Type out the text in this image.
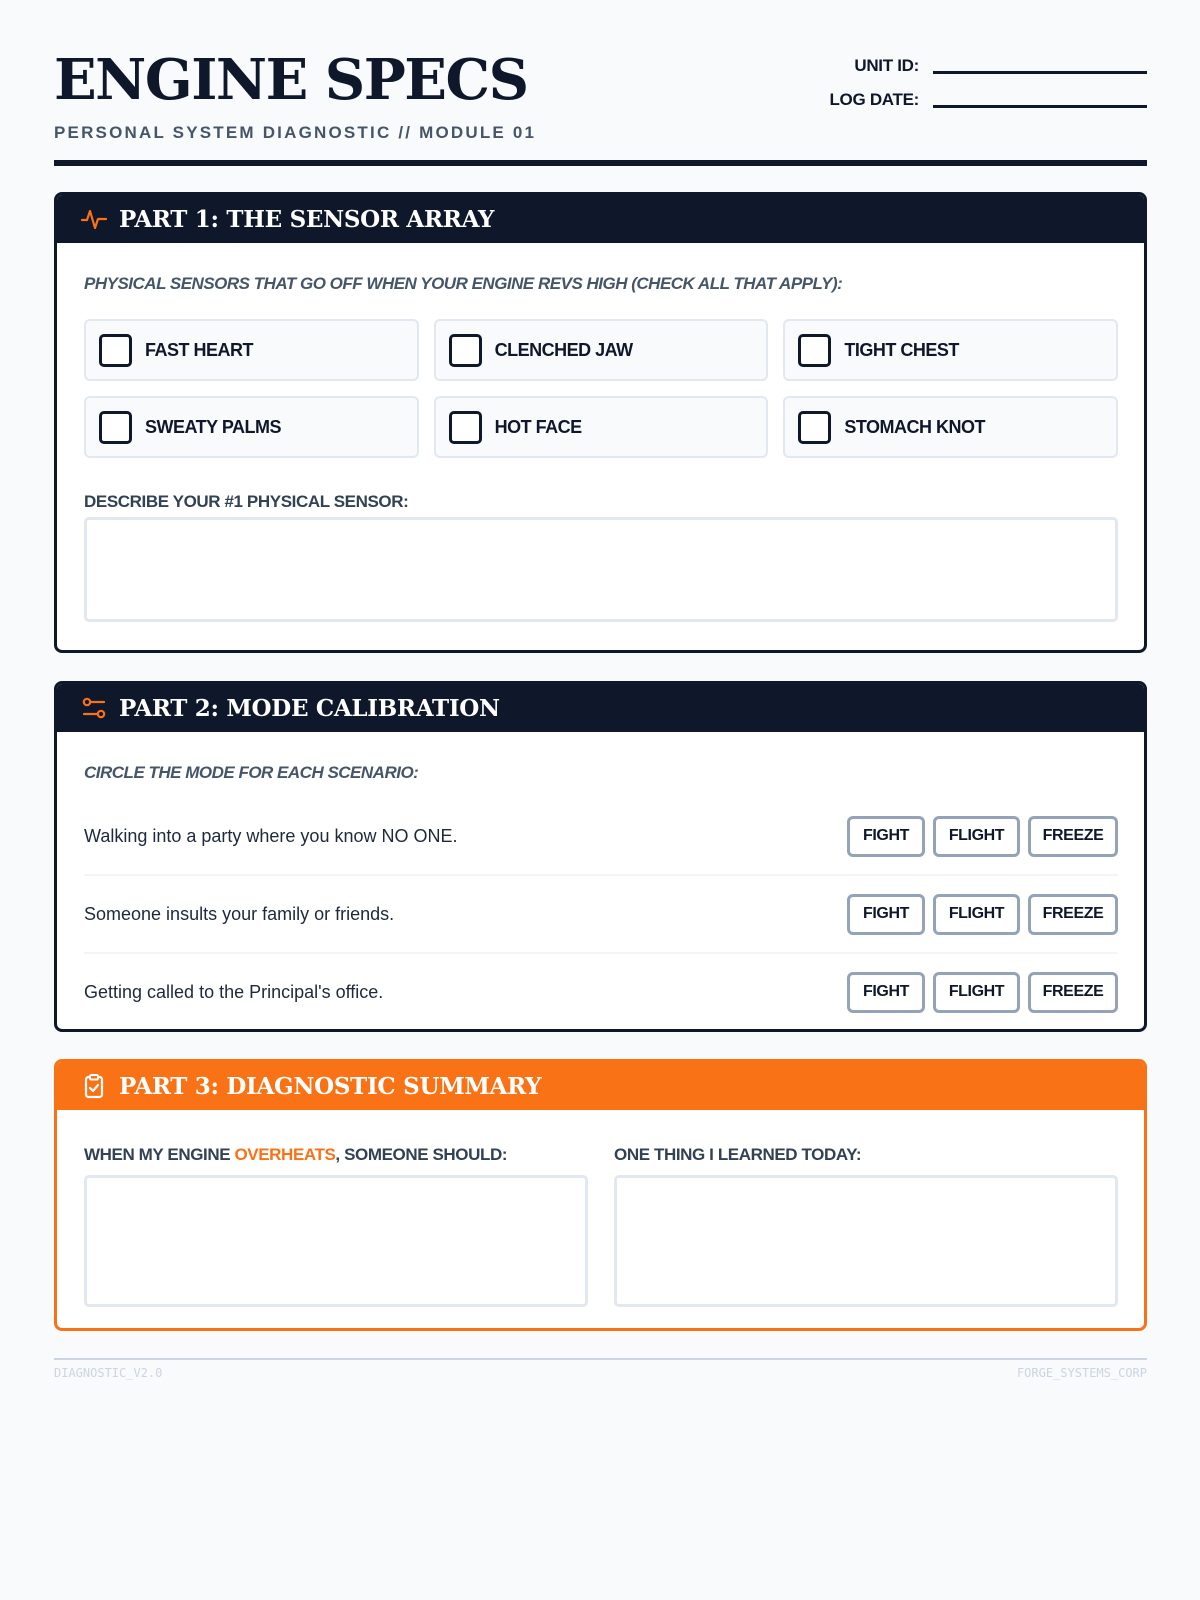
ENGINE SPECS
PERSONAL SYSTEM DIAGNOSTIC // MODULE 01
UNIT ID:
LOG DATE:
PART 1: THE SENSOR ARRAY
PHYSICAL SENSORS THAT GO OFF WHEN YOUR ENGINE REVS HIGH (CHECK ALL THAT APPLY):
FAST HEART	CLENCHED JAW	TIGHT CHEST
SWEATY PALMS	HOT FACE	STOMACH KNOT
DESCRIBE YOUR #1 PHYSICAL SENSOR:
PART 2: MODE CALIBRATION
CIRCLE THE MODE FOR EACH SCENARIO:
Walking into a party where you know NO ONE.	FIGHT	FLIGHT	FREEZE
Someone insults your family or friends.	FIGHT	FLIGHT	FREEZE
Getting called to the Principal's office.	FIGHT	FLIGHT	FREEZE
PART 3: DIAGNOSTIC SUMMARY
WHEN MY ENGINE OVERHEATS, SOMEONE SHOULD:	ONE THING I LEARNED TODAY:
DIAGNOSTIC_V2.0	FORGE_SYSTEMS_CORP
